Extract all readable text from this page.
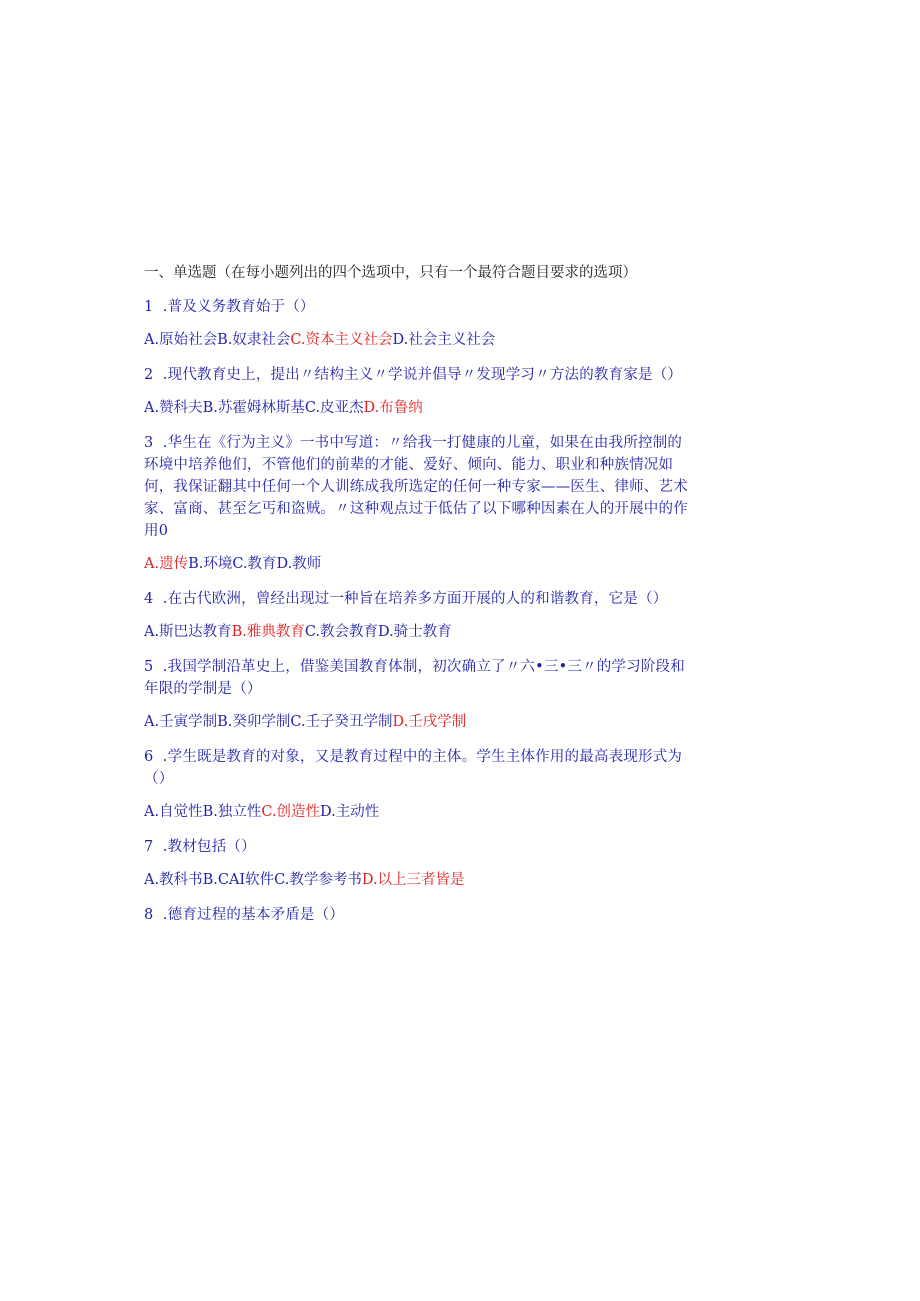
一、单选题（在每小题列出的四个选项中，只有一个最符合题目要求的选项）

1 .普及义务教育始于（）

A.原始社会B.奴隶社会C.资本主义社会D.社会主义社会

2 .现代教育史上，提出〃结构主义〃学说并倡导〃发现学习〃方法的教育家是（）

A.赞科夫B.苏霍姆林斯基C.皮亚杰D.布鲁纳

3 .华生在《行为主义》一书中写道：〃给我一打健康的儿童，如果在由我所控制的环境中培养他们，不管他们的前辈的才能、爱好、倾向、能力、职业和种族情况如何，我保证翻其中任何一个人训练成我所选定的任何一种专家——医生、律师、艺术家、富商、甚至乞丐和盗贼。〃这种观点过于低估了以下哪种因素在人的开展中的作用0

A.遗传B.环境C.教育D.教师

4 .在古代欧洲，曾经出现过一种旨在培养多方面开展的人的和谐教育，它是（）

A.斯巴达教育B.雅典教育C.教会教育D.骑士教育

5 .我国学制沿革史上，借鉴美国教育体制，初次确立了〃六•三•三〃的学习阶段和年限的学制是（）

A.壬寅学制B.癸卯学制C.壬子癸丑学制D.壬戌学制

6 .学生既是教育的对象，又是教育过程中的主体。学生主体作用的最高表现形式为（）

A.自觉性B.独立性C.创造性D.主动性

7 .教材包括（）

A.教科书B.CAI软件C.教学参考书D.以上三者皆是

8 .德育过程的基本矛盾是（）
